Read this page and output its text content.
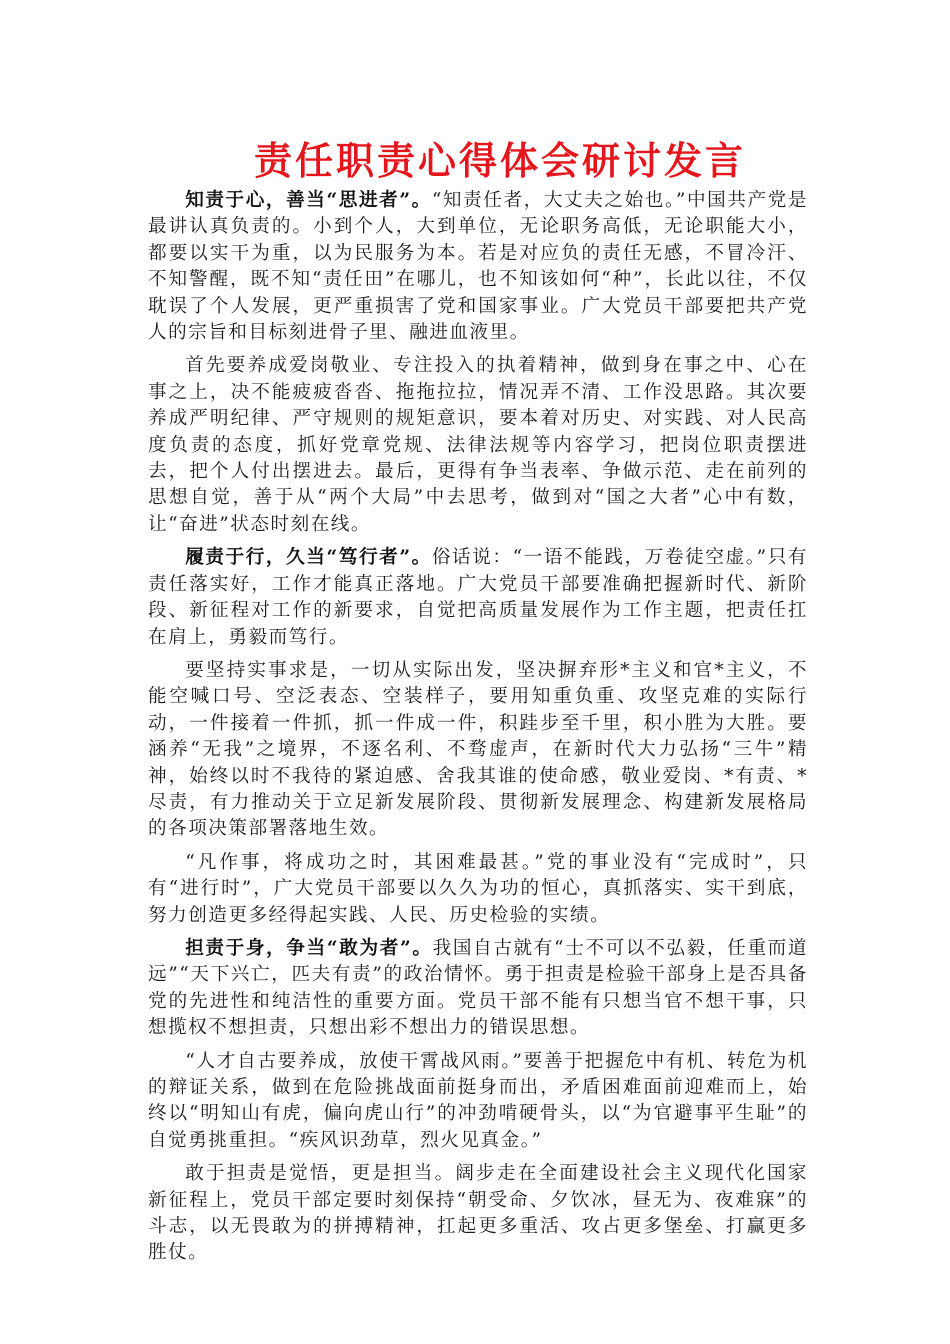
责任职责心得体会研讨发言

知责于心，善当“思进者”。“知责任者，大丈夫之始也。”中国共产党是最讲认真负责的。小到个人，大到单位，无论职务高低，无论职能大小，都要以实干为重，以为民服务为本。若是对应负的责任无感，不冒冷汗、不知警醒，既不知“责任田”在哪儿，也不知该如何“种”，长此以往，不仅耽误了个人发展，更严重损害了党和国家事业。广大党员干部要把共产党人的宗旨和目标刻进骨子里、融进血液里。

首先要养成爱岗敬业、专注投入的执着精神，做到身在事之中、心在事之上，决不能疲疲沓沓、拖拖拉拉，情况弄不清、工作没思路。其次要养成严明纪律、严守规则的规矩意识，要本着对历史、对实践、对人民高度负责的态度，抓好党章党规、法律法规等内容学习，把岗位职责摆进去，把个人付出摆进去。最后，更得有争当表率、争做示范、走在前列的思想自觉，善于从“两个大局”中去思考，做到对“国之大者”心中有数，让“奋进”状态时刻在线。

履责于行，久当“笃行者”。俗话说：“一语不能践，万卷徒空虚。”只有责任落实好，工作才能真正落地。广大党员干部要准确把握新时代、新阶段、新征程对工作的新要求，自觉把高质量发展作为工作主题，把责任扛在肩上，勇毅而笃行。

要坚持实事求是，一切从实际出发，坚决摒弃形*主义和官*主义，不能空喊口号、空泛表态、空装样子，要用知重负重、攻坚克难的实际行动，一件接着一件抓，抓一件成一件，积跬步至千里，积小胜为大胜。要涵养“无我”之境界，不逐名利、不骛虚声，在新时代大力弘扬“三牛”精神，始终以时不我待的紧迫感、舍我其谁的使命感，敬业爱岗、*有责、*尽责，有力推动关于立足新发展阶段、贯彻新发展理念、构建新发展格局的各项决策部署落地生效。

“凡作事，将成功之时，其困难最甚。”党的事业没有“完成时”，只有“进行时”，广大党员干部要以久久为功的恒心，真抓落实、实干到底，努力创造更多经得起实践、人民、历史检验的实绩。

担责于身，争当“敢为者”。我国自古就有“士不可以不弘毅，任重而道远”“天下兴亡，匹夫有责”的政治情怀。勇于担责是检验干部身上是否具备党的先进性和纯洁性的重要方面。党员干部不能有只想当官不想干事，只想揽权不想担责，只想出彩不想出力的错误思想。

“人才自古要养成，放使干霄战风雨。”要善于把握危中有机、转危为机的辩证关系，做到在危险挑战面前挺身而出，矛盾困难面前迎难而上，始终以“明知山有虎，偏向虎山行”的冲劲啃硬骨头，以“为官避事平生耻”的自觉勇挑重担。“疾风识劲草，烈火见真金。”

敢于担责是觉悟，更是担当。阔步走在全面建设社会主义现代化国家新征程上，党员干部定要时刻保持“朝受命、夕饮冰，昼无为、夜难寐”的斗志，以无畏敢为的拼搏精神，扛起更多重活、攻占更多堡垒、打赢更多胜仗。
